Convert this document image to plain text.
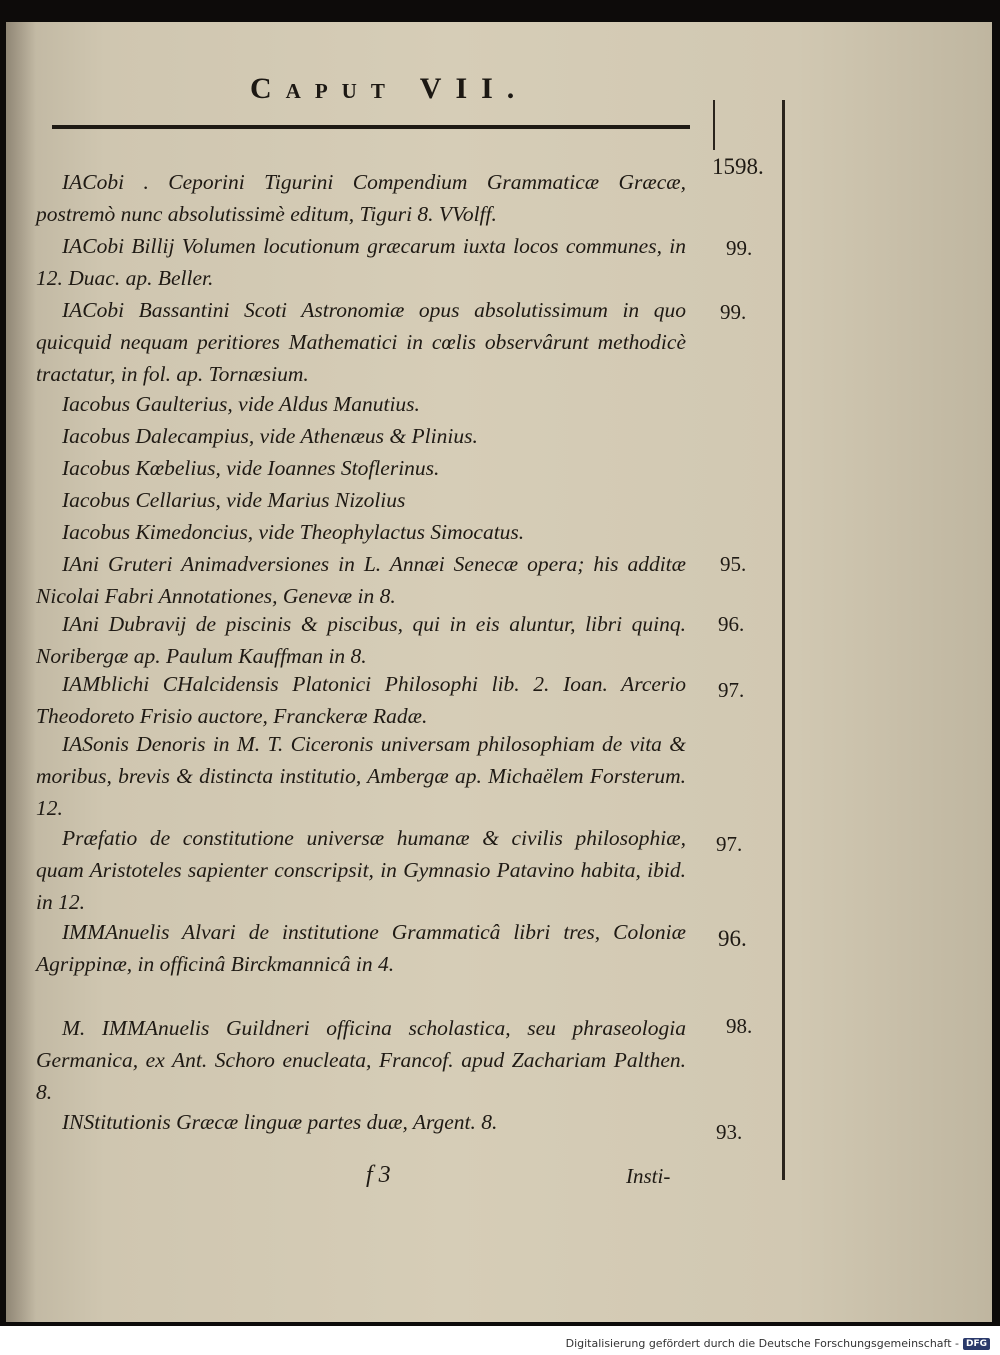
Caput VII.
IACobi . Ceporini Tigurini Compendium Grammaticæ Græcæ, postremò nunc absolutissimè editum, Tiguri 8. VVolff.
1598.
IACobi Billij Volumen locutionum græcarum iuxta locos communes, in 12. Duac. ap. Beller.
99.
IACobi Bassantini Scoti Astronomiæ opus absolutissimum in quo quicquid nequam peritiores Mathematici in cœlis observârunt methodicè tractatur, in fol. ap. Tornæsium.
99.
Iacobus Gaulterius, vide Aldus Manutius.
Iacobus Dalecampius, vide Athenæus & Plinius.
Iacobus Kœbelius, vide Ioannes Stoflerinus.
Iacobus Cellarius, vide Marius Nizolius
Iacobus Kimedoncius, vide Theophylactus Simocatus.
IAni Gruteri Animadversiones in L. Annæi Senecæ opera; his additæ Nicolai Fabri Annotationes, Genevæ in 8.
95.
IAni Dubravij de piscinis & piscibus, qui in eis aluntur, libri quinq. Noribergæ ap. Paulum Kauffman in 8.
96.
IAMblichi CHalcidensis Platonici Philosophi lib. 2. Ioan. Arcerio Theodoreto Frisio auctore, Franckeræ Radæ.
97.
IASonis Denoris in M. T. Ciceronis universam philosophiam de vita & moribus, brevis & distincta institutio, Ambergæ ap. Michaëlem Forsterum. 12.
Præfatio de constitutione universæ humanæ & civilis philosophiæ, quam Aristoteles sapienter conscripsit, in Gymnasio Patavino habita, ibid. in 12.
97.
IMMAnuelis Alvari de institutione Grammaticâ libri tres, Coloniæ Agrippinæ, in officinâ Birckmannicâ in 4.
96.
M. IMMAnuelis Guildneri officina scholastica, seu phraseologia Germanica, ex Ant. Schoro enucleata, Francof. apud Zachariam Palthen. 8.
98.
INStitutionis Græcæ linguæ partes duæ, Argent. 8.	93.
f 3	Insti-
Digitalisierung gefördert durch die Deutsche Forschungsgemeinschaft - DFG
